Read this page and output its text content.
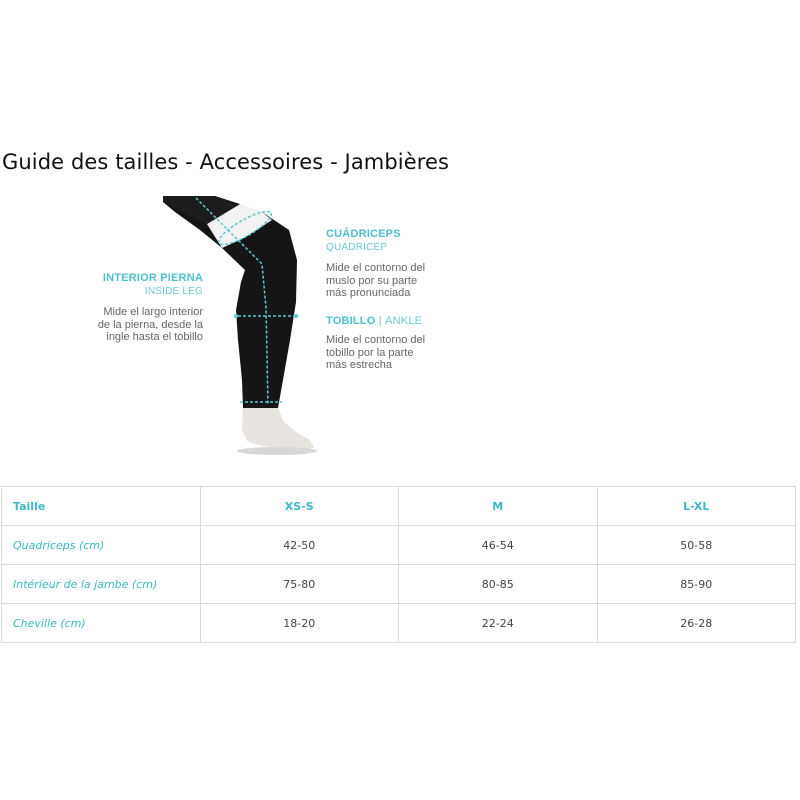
Guide des tailles - Accessoires - Jambières
INTERIOR PIERNA
INSIDE LEG
Mide el largo interior
de la pierna, desde la
ingle hasta el tobillo
CUÁDRICEPS
QUADRICEP
Mide el contorno del
muslo por su parte
más pronunciada
TOBILLO | ANKLE
Mide el contorno del
tobillo por la parte
más estrecha
Taille	XS-S	M	L-XL
Quadriceps (cm)	42-50	46-54	50-58
Intérieur de la jambe (cm)	75-80	80-85	85-90
Cheville (cm)	18-20	22-24	26-28
